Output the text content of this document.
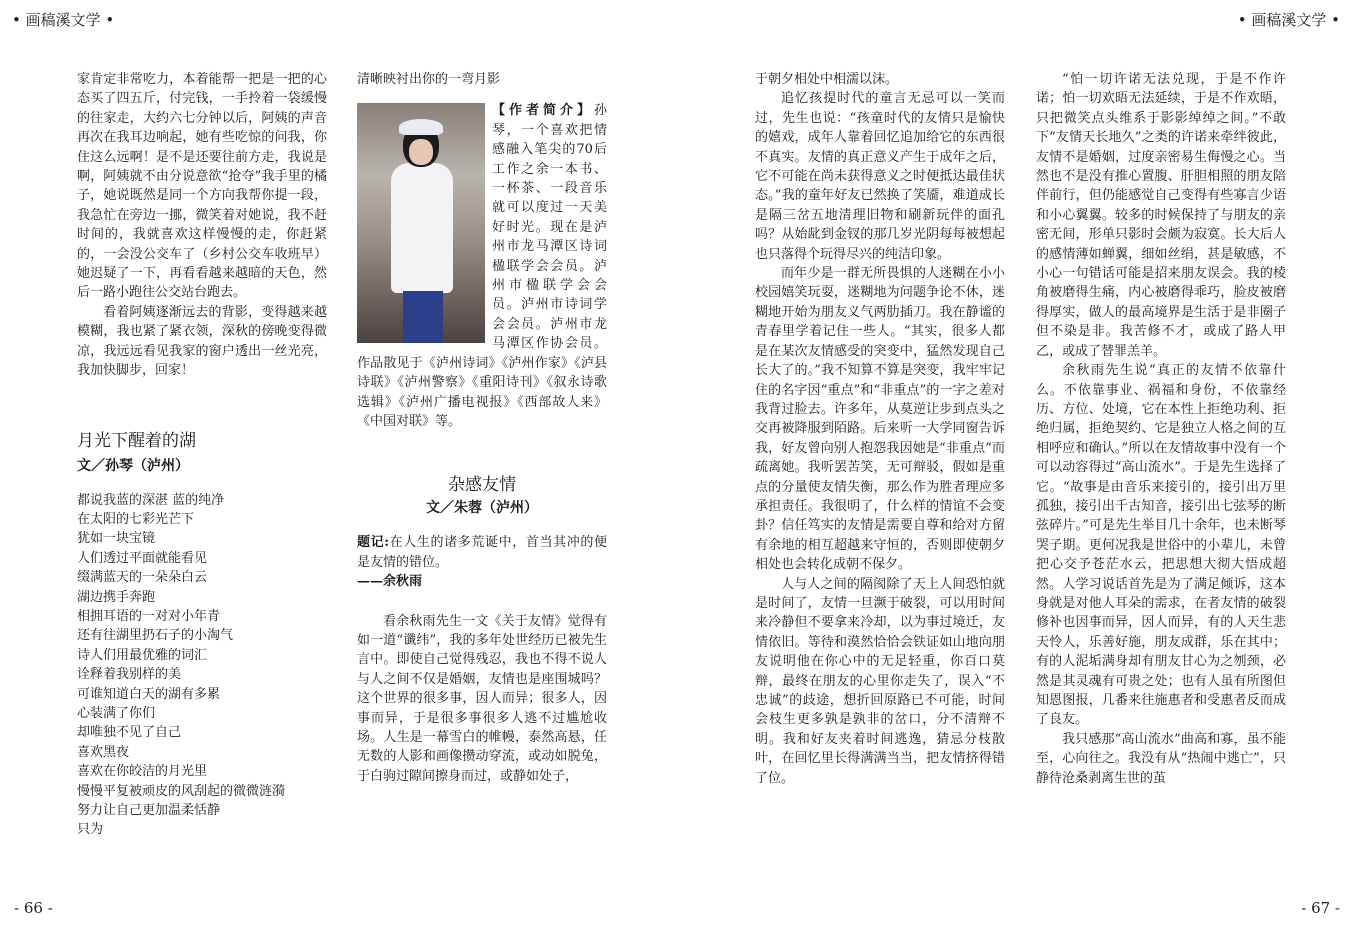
• 画稿溪文学 •	• 画稿溪文学 •

家肯定非常吃力，本着能帮一把是一把的心态买了四五斤，付完钱，一手拎着一袋缓慢的往家走，大约六七分钟以后，阿姨的声音再次在我耳边响起，她有些吃惊的问我，你住这么远啊！是不是还要往前方走，我说是啊，阿姨就不由分说意欲“抢夺”我手里的橘子，她说既然是同一个方向我帮你提一段，我急忙在旁边一挪，微笑着对她说，我不赶时间的，我就喜欢这样慢慢的走，你赶紧的，一会没公交车了（乡村公交车收班早）她迟疑了一下，再看看越来越暗的天色，然后一路小跑往公交站台跑去。

看着阿姨逐渐远去的背影，变得越来越模糊，我也紧了紧衣领，深秋的傍晚变得微凉，我远远看见我家的窗户透出一丝光亮，我加快脚步，回家！

月光下醒着的湖
文／孙琴（泸州）
都说我蓝的深湛 蓝的纯净
在太阳的七彩光芒下
犹如一块宝镜
人们透过平面就能看见
缀满蓝天的一朵朵白云
湖边携手奔跑
相拥耳语的一对对小年青
还有往湖里扔石子的小淘气
诗人们用最优雅的词汇
诠释着我别样的美
可谁知道白天的湖有多累
心装满了你们
却唯独不见了自己
喜欢黑夜
喜欢在你皎洁的月光里
慢慢平复被顽皮的风刮起的微微涟漪
努力让自己更加温柔恬静
只为
清晰映衬出你的一弯月影
【作者简介】孙琴，一个喜欢把情感融入笔尖的70后工作之余一本书、一杯茶、一段音乐就可以度过一天美好时光。现在是泸州市龙马潭区诗词楹联学会会员。泸州市楹联学会会员。泸州市诗词学会会员。泸州市龙马潭区作协会员。作品散见于《泸州诗词》《泸州作家》《泸县诗联》《泸州警察》《重阳诗刊》《叙永诗歌选辑》《泸州广播电视报》《西部故人来》《中国对联》等。
杂感友情
文／朱蓉（泸州）

题记:在人生的诸多荒诞中，首当其冲的便是友情的错位。

——余秋雨

看余秋雨先生一文《关于友情》觉得有如一道“谶纬”，我的多年处世经历已被先生言中。即使自己觉得残忍，我也不得不说人与人之间不仅是婚姻，友情也是座围城吗？这个世界的很多事，因人而异；很多人，因事而异，于是很多事很多人逃不过尴尬收场。人生是一幕雪白的帷幔，泰然高悬，任无数的人影和画像攒动穿流，或动如脱兔，于白驹过隙间擦身而过，或静如处子，

于朝夕相处中相濡以沫。

追忆孩提时代的童言无忌可以一笑而过，先生也说：“孩童时代的友情只是愉快的嬉戏，成年人靠着回忆追加给它的东西很不真实。友情的真正意义产生于成年之后，它不可能在尚未获得意义之时便抵达最佳状态。”我的童年好友已然换了笑靥，难道成长是隔三岔五地清理旧物和刷新玩伴的面孔吗？从始龀到金钗的那几岁光阴每每被想起也只落得个玩得尽兴的纯洁印象。

而年少是一群无所畏惧的人迷糊在小小校园嬉笑玩耍，迷糊地为问题争论不休，迷糊地开始为朋友义气两肋插刀。我在静谧的青春里学着记住一些人。“其实，很多人都是在某次友情感受的突变中，猛然发现自己长大了的。”我不知算不算是突变，我牢牢记住的名字因“重点”和“非重点”的一字之差对我背过脸去。许多年，从莫逆让步到点头之交再被降服到陌路。后来听一大学同窗告诉我，好友曾向别人抱怨我因她是“非重点”而疏离她。我听罢苦笑，无可辩驳，假如是重点的分量使友情失衡，那么作为胜者理应多承担责任。我很明了，什么样的情谊不会变卦？信任笃实的友情是需要自尊和给对方留有余地的相互超越来守恒的，否则即使朝夕相处也会转化成朝不保夕。

人与人之间的隔阂除了天上人间恐怕就是时间了，友情一旦濒于破裂，可以用时间来冷静但不要拿来冷却，以为事过境迁，友情依旧。等待和漠然恰恰会铁证如山地向朋友说明他在你心中的无足轻重，你百口莫辩，最终在朋友的心里你走失了，误入“不忠诚”的歧途，想折回原路已不可能，时间会枝生更多孰是孰非的岔口，分不清辩不明。我和好友夹着时间逃逸，猜忌分枝散叶，在回忆里长得满满当当，把友情挤得错了位。

“怕一切许诺无法兑现，于是不作许诺；怕一切欢晤无法延续，于是不作欢晤，只把微笑点头维系于影影绰绰之间。”不敢下“友情天长地久”之类的许诺来牵绊彼此，友情不是婚姻，过度亲密易生侮慢之心。当然也不是没有推心置腹、肝胆相照的朋友陪伴前行，但仍能感觉自己变得有些寡言少语和小心翼翼。较多的时候保持了与朋友的亲密无间，形单只影时会颇为寂寞。长大后人的感情薄如蝉翼，细如丝绢，甚是敏感，不小心一句错话可能是招来朋友误会。我的棱角被磨得生痛，内心被磨得乖巧，脸皮被磨得厚实，做人的最高境界是生活于是非圈子但不染是非。我苦修不才，或成了路人甲乙，或成了替罪羔羊。

余秋雨先生说“真正的友情不依靠什么。不依靠事业、祸福和身份，不依靠经历、方位、处境，它在本性上拒绝功利、拒绝归属，拒绝契约、它是独立人格之间的互相呼应和确认。”所以在友情故事中没有一个可以动容得过“高山流水”。于是先生选择了它。“故事是由音乐来接引的，接引出万里孤独，接引出千古知音，接引出七弦琴的断弦碎片。”可是先生举目几十余年，也未断琴哭子期。更何况我是世俗中的小辈儿，未曾把心交予苍茫水云，把思想大彻大悟成超然。人学习说话首先是为了满足倾诉，这本身就是对他人耳朵的需求，在者友情的破裂修补也因事而异，因人而异，有的人天生悲天怜人，乐善好施，朋友成群，乐在其中；有的人泥垢满身却有朋友甘心为之刎颈，必然是其灵魂有可贵之处；也有人虽有所图但知恩图报，几番来往施惠者和受惠者反而成了良友。

我只感那“高山流水”曲高和寡，虽不能至，心向往之。我没有从“热闹中逃亡”，只静待沧桑剥离生世的茧

- 66 -	- 67 -
